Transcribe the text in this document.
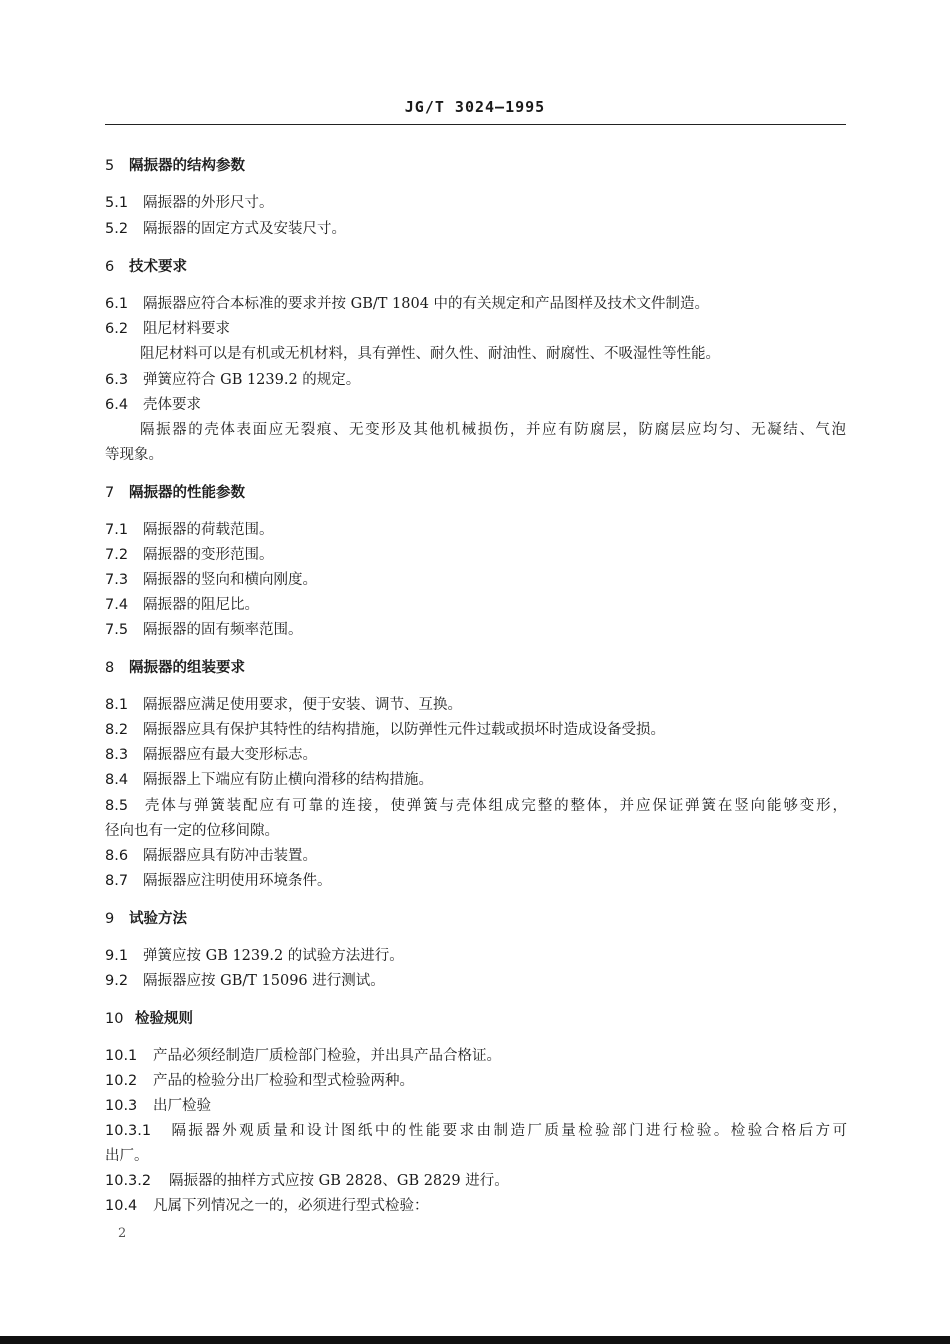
JG/T 3024—1995
5 隔振器的结构参数
5.1 隔振器的外形尺寸。
5.2 隔振器的固定方式及安装尺寸。
6 技术要求
6.1 隔振器应符合本标准的要求并按 GB/T 1804 中的有关规定和产品图样及技术文件制造。
6.2 阻尼材料要求
阻尼材料可以是有机或无机材料，具有弹性、耐久性、耐油性、耐腐性、不吸湿性等性能。
6.3 弹簧应符合 GB 1239.2 的规定。
6.4 壳体要求
隔振器的壳体表面应无裂痕、无变形及其他机械损伤，并应有防腐层，防腐层应均匀、无凝结、气泡
等现象。
7 隔振器的性能参数
7.1 隔振器的荷载范围。
7.2 隔振器的变形范围。
7.3 隔振器的竖向和横向刚度。
7.4 隔振器的阻尼比。
7.5 隔振器的固有频率范围。
8 隔振器的组装要求
8.1 隔振器应满足使用要求，便于安装、调节、互换。
8.2 隔振器应具有保护其特性的结构措施，以防弹性元件过载或损坏时造成设备受损。
8.3 隔振器应有最大变形标志。
8.4 隔振器上下端应有防止横向滑移的结构措施。
8.5 壳体与弹簧装配应有可靠的连接，使弹簧与壳体组成完整的整体，并应保证弹簧在竖向能够变形，
径向也有一定的位移间隙。
8.6 隔振器应具有防冲击装置。
8.7 隔振器应注明使用环境条件。
9 试验方法
9.1 弹簧应按 GB 1239.2 的试验方法进行。
9.2 隔振器应按 GB/T 15096 进行测试。
10 检验规则
10.1 产品必须经制造厂质检部门检验，并出具产品合格证。
10.2 产品的检验分出厂检验和型式检验两种。
10.3 出厂检验
10.3.1 隔振器外观质量和设计图纸中的性能要求由制造厂质量检验部门进行检验。检验合格后方可
出厂。
10.3.2 隔振器的抽样方式应按 GB 2828、GB 2829 进行。
10.4 凡属下列情况之一的，必须进行型式检验：
2
